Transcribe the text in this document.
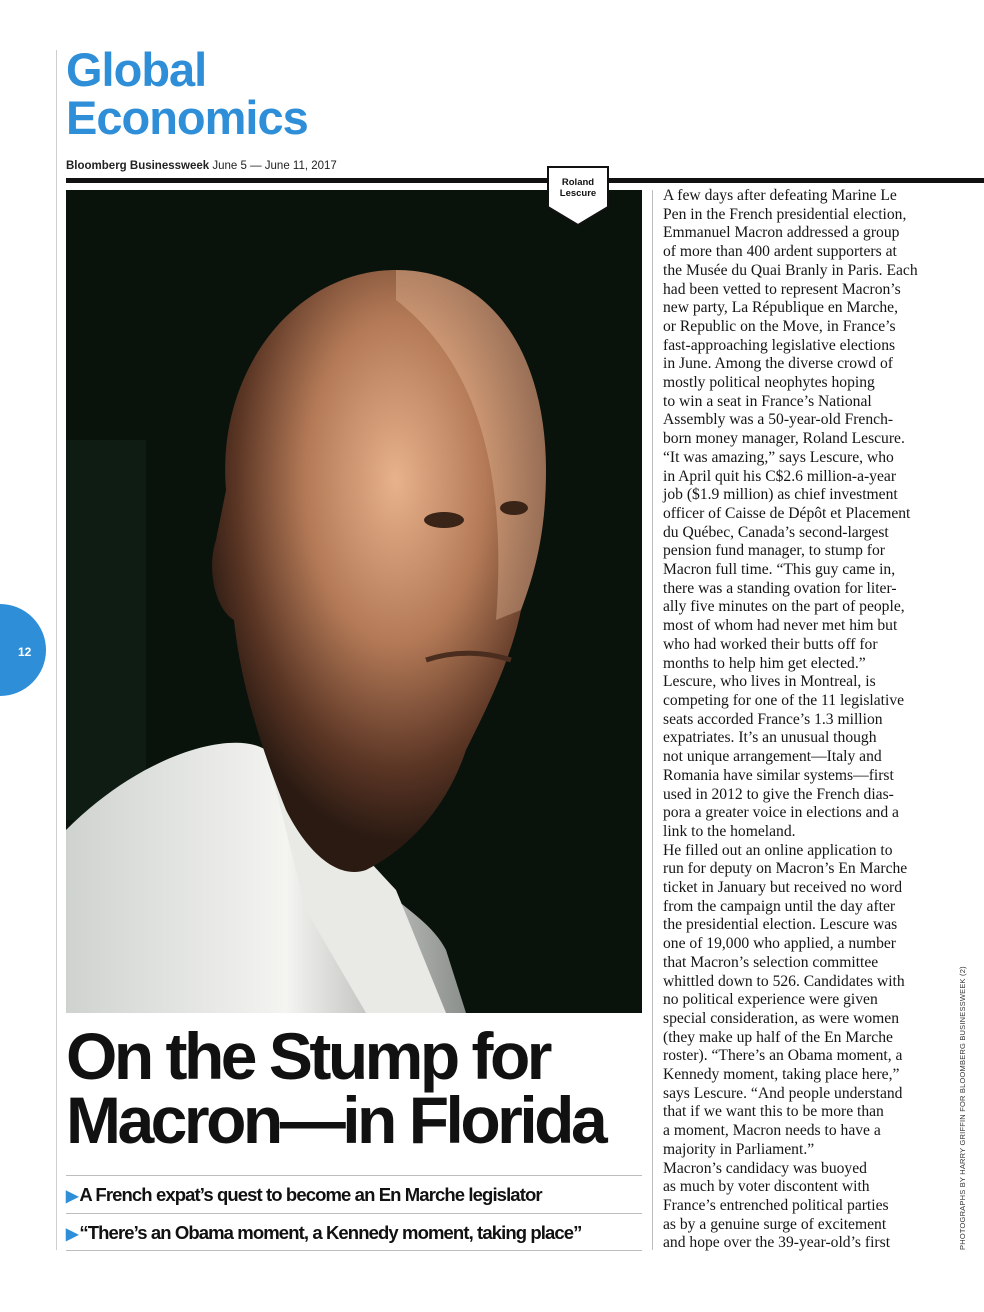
Global
Economics
Bloomberg Businessweek June 5 — June 11, 2017
Roland
Lescure
12
On the Stump for
Macron—in Florida
▶ A French expat’s quest to become an En Marche legislator
▶ “There’s an Obama moment, a Kennedy moment, taking place”
A few days after defeating Marine Le
Pen in the French presidential election,
Emmanuel Macron addressed a group
of more than 400 ardent supporters at
the Musée du Quai Branly in Paris. Each
had been vetted to represent Macron’s
new party, La République en Marche,
or Republic on the Move, in France’s
fast-approaching legislative elections
in June. Among the diverse crowd of
mostly political neophytes hoping
to win a seat in France’s National
Assembly was a 50-year-old French-
born money manager, Roland Lescure.
“It was amazing,” says Lescure, who
in April quit his C$2.6 million-a-year
job ($1.9 million) as chief investment
officer of Caisse de Dépôt et Placement
du Québec, Canada’s second-largest
pension fund manager, to stump for
Macron full time. “This guy came in,
there was a standing ovation for liter-
ally five minutes on the part of people,
most of whom had never met him but
who had worked their butts off for
months to help him get elected.”
Lescure, who lives in Montreal, is
competing for one of the 11 legislative
seats accorded France’s 1.3 million
expatriates. It’s an unusual though
not unique arrangement—Italy and
Romania have similar systems—first
used in 2012 to give the French dias-
pora a greater voice in elections and a
link to the homeland.
He filled out an online application to
run for deputy on Macron’s En Marche
ticket in January but received no word
from the campaign until the day after
the presidential election. Lescure was
one of 19,000 who applied, a number
that Macron’s selection committee
whittled down to 526. Candidates with
no political experience were given
special consideration, as were women
(they make up half of the En Marche
roster). “There’s an Obama moment, a
Kennedy moment, taking place here,”
says Lescure. “And people understand
that if we want this to be more than
a moment, Macron needs to have a
majority in Parliament.”
Macron’s candidacy was buoyed
as much by voter discontent with
France’s entrenched political parties
as by a genuine surge of excitement
and hope over the 39-year-old’s first	PHOTOGRAPHS BY HARRY GRIFFIN FOR BLOOMBERG BUSINESSWEEK (2)
